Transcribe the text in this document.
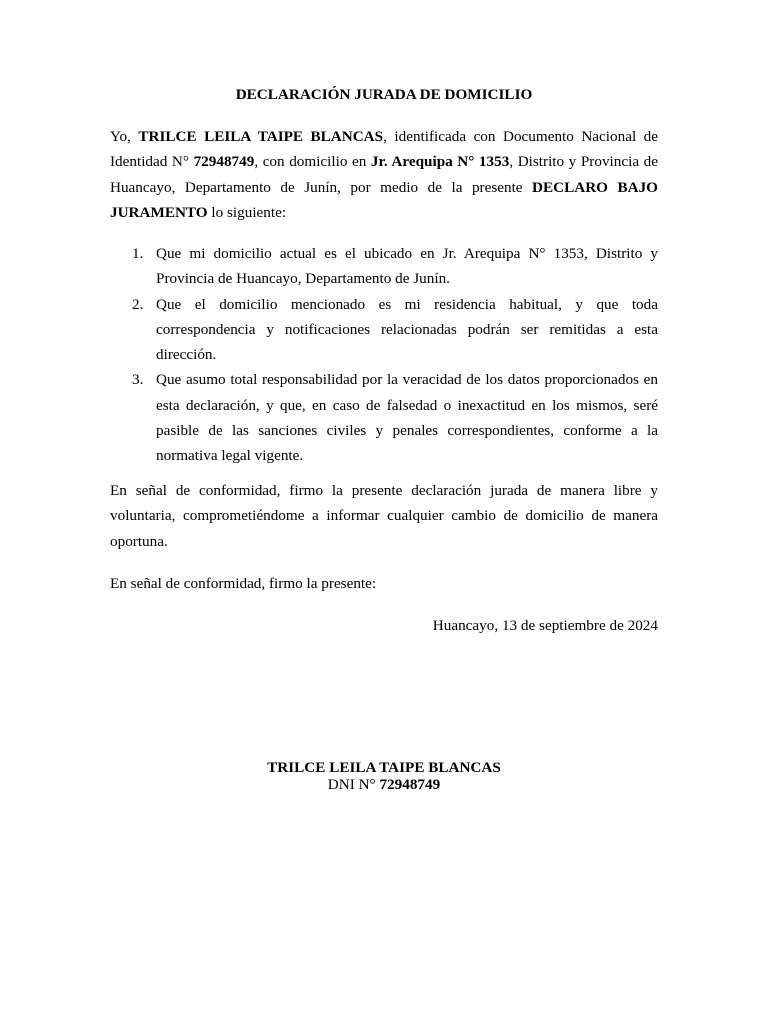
DECLARACIÓN JURADA DE DOMICILIO

Yo, TRILCE LEILA TAIPE BLANCAS, identificada con Documento Nacional de Identidad N° 72948749, con domicilio en Jr. Arequipa N° 1353, Distrito y Provincia de Huancayo, Departamento de Junín, por medio de la presente DECLARO BAJO JURAMENTO lo siguiente:

1. Que mi domicilio actual es el ubicado en Jr. Arequipa N° 1353, Distrito y Provincia de Huancayo, Departamento de Junín.
2. Que el domicilio mencionado es mi residencia habitual, y que toda correspondencia y notificaciones relacionadas podrán ser remitidas a esta dirección.
3. Que asumo total responsabilidad por la veracidad de los datos proporcionados en esta declaración, y que, en caso de falsedad o inexactitud en los mismos, seré pasible de las sanciones civiles y penales correspondientes, conforme a la normativa legal vigente.

En señal de conformidad, firmo la presente declaración jurada de manera libre y voluntaria, comprometiéndome a informar cualquier cambio de domicilio de manera oportuna.

En señal de conformidad, firmo la presente:

Huancayo, 13 de septiembre de 2024
TRILCE LEILA TAIPE BLANCAS
DNI N° 72948749
